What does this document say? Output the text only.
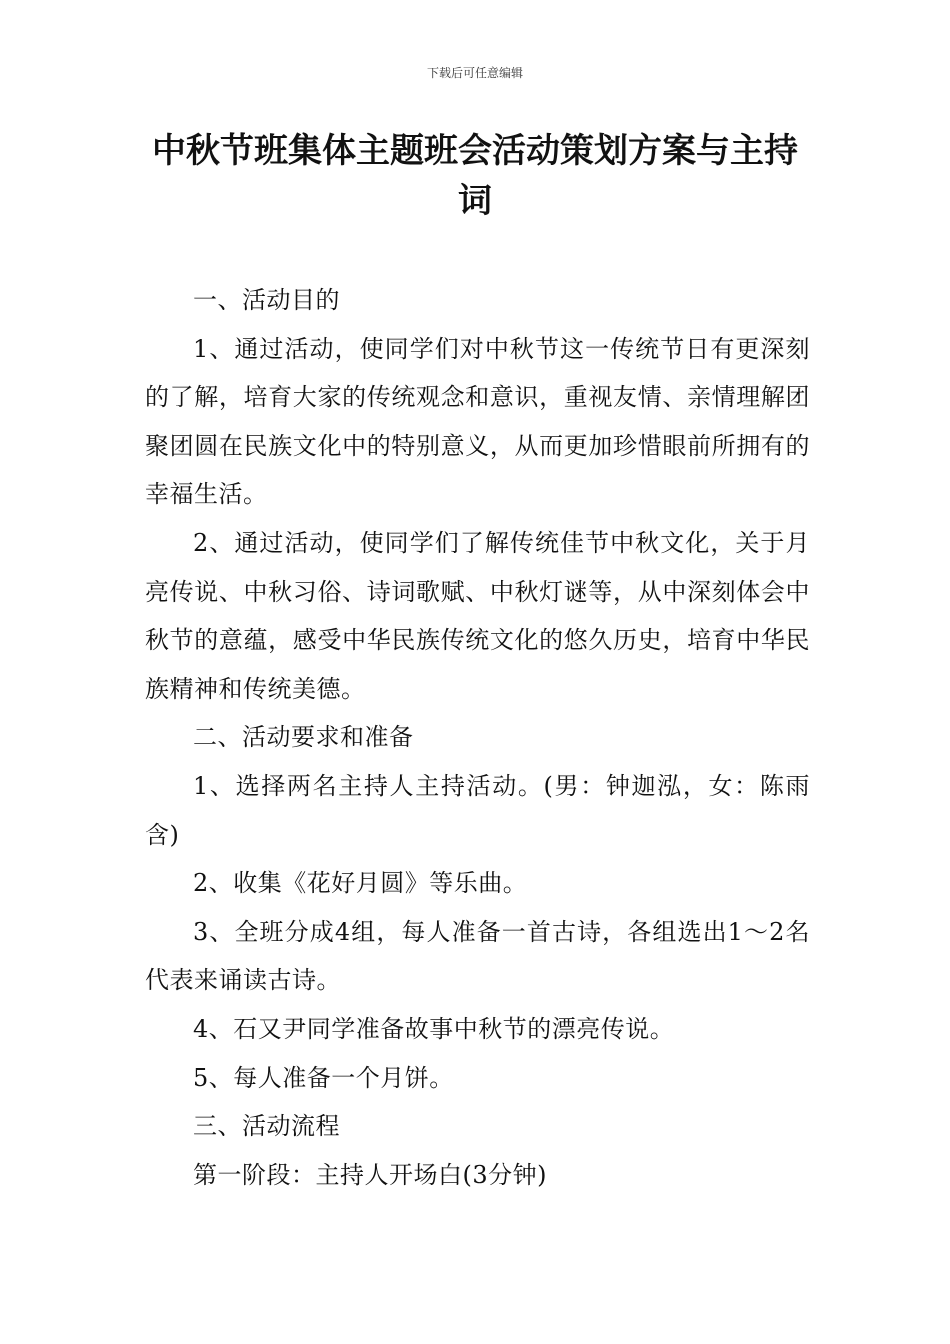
下载后可任意编辑
中秋节班集体主题班会活动策划方案与主持词

一、活动目的

1、通过活动，使同学们对中秋节这一传统节日有更深刻的了解，培育大家的传统观念和意识，重视友情、亲情理解团聚团圆在民族文化中的特别意义，从而更加珍惜眼前所拥有的幸福生活。

2、通过活动，使同学们了解传统佳节中秋文化，关于月亮传说、中秋习俗、诗词歌赋、中秋灯谜等，从中深刻体会中秋节的意蕴，感受中华民族传统文化的悠久历史，培育中华民族精神和传统美德。

二、活动要求和准备

1、选择两名主持人主持活动。(男：钟迦泓，女：陈雨含)

2、收集《花好月圆》等乐曲。

3、全班分成4组，每人准备一首古诗，各组选出1～2名代表来诵读古诗。

4、石又尹同学准备故事中秋节的漂亮传说。

5、每人准备一个月饼。

三、活动流程

第一阶段：主持人开场白(3分钟)
